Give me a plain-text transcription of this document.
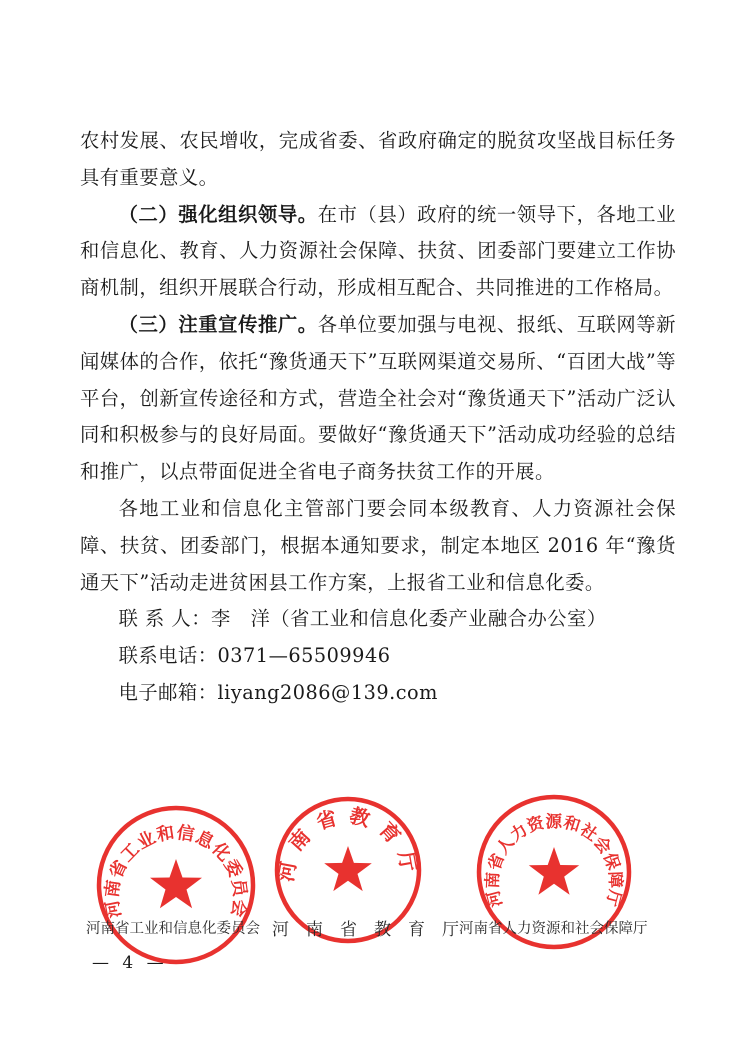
农村发展、农民增收，完成省委、省政府确定的脱贫攻坚战目标任务具有重要意义。

（二）强化组织领导。在市（县）政府的统一领导下，各地工业和信息化、教育、人力资源社会保障、扶贫、团委部门要建立工作协商机制，组织开展联合行动，形成相互配合、共同推进的工作格局。

（三）注重宣传推广。各单位要加强与电视、报纸、互联网等新闻媒体的合作，依托“豫货通天下”互联网渠道交易所、“百团大战”等平台，创新宣传途径和方式，营造全社会对“豫货通天下”活动广泛认同和积极参与的良好局面。要做好“豫货通天下”活动成功经验的总结和推广，以点带面促进全省电子商务扶贫工作的开展。

各地工业和信息化主管部门要会同本级教育、人力资源社会保障、扶贫、团委部门，根据本通知要求，制定本地区 2016 年“豫货通天下”活动走进贫困县工作方案，上报省工业和信息化委。

联 系 人：李　洋（省工业和信息化委产业融合办公室）

联系电话：0371—65509946

电子邮箱：liyang2086@139.com

河南省工业和信息化委员会
河南省教育厅
河南省人力资源和社会保障厅
河南省工业和信息化委员会 河　南　省　教　育　厅 河南省人力资源和社会保障厅
— 4 —
